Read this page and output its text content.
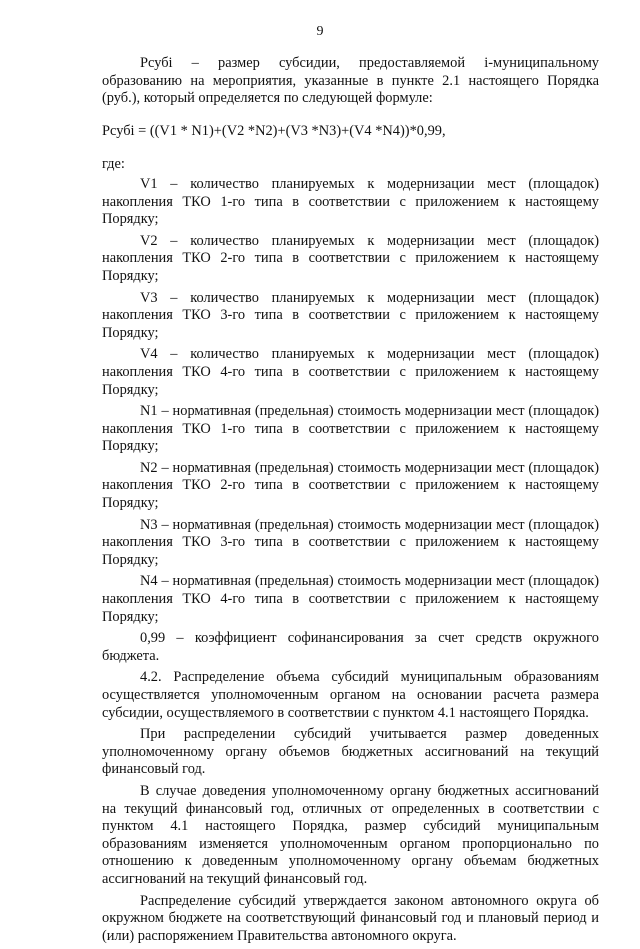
9

Рсубі – размер субсидии, предоставляемой і-муниципальному образованию на мероприятия, указанные в пункте 2.1 настоящего Порядка (руб.), который определяется по следующей формуле:

Рсубі = ((V1 * N1)+(V2 *N2)+(V3 *N3)+(V4 *N4))*0,99,

где:

V1 – количество планируемых к модернизации мест (площадок) накопления ТКО 1-го типа в соответствии с приложением к настоящему Порядку;

V2 – количество планируемых к модернизации мест (площадок) накопления ТКО 2-го типа в соответствии с приложением к настоящему Порядку;

V3 – количество планируемых к модернизации мест (площадок) накопления ТКО 3-го типа в соответствии с приложением к настоящему Порядку;

V4 – количество планируемых к модернизации мест (площадок) накопления ТКО 4-го типа в соответствии с приложением к настоящему Порядку;

N1 – нормативная (предельная) стоимость модернизации мест (площадок) накопления ТКО 1-го типа в соответствии с приложением к настоящему Порядку;

N2 – нормативная (предельная) стоимость модернизации мест (площадок) накопления ТКО 2-го типа в соответствии с приложением к настоящему Порядку;

N3 – нормативная (предельная) стоимость модернизации мест (площадок) накопления ТКО 3-го типа в соответствии с приложением к настоящему Порядку;

N4 – нормативная (предельная) стоимость модернизации мест (площадок) накопления ТКО 4-го типа в соответствии с приложением к настоящему Порядку;

0,99 – коэффициент софинансирования за счет средств окружного бюджета.

4.2. Распределение объема субсидий муниципальным образованиям осуществляется уполномоченным органом на основании расчета размера субсидии, осуществляемого в соответствии с пунктом 4.1 настоящего Порядка.

При распределении субсидий учитывается размер доведенных уполномоченному органу объемов бюджетных ассигнований на текущий финансовый год.

В случае доведения уполномоченному органу бюджетных ассигнований на текущий финансовый год, отличных от определенных в соответствии с пунктом 4.1 настоящего Порядка, размер субсидий муниципальным образованиям изменяется уполномоченным органом пропорционально по отношению к доведенным уполномоченному органу объемам бюджетных ассигнований на текущий финансовый год.

Распределение субсидий утверждается законом автономного округа об окружном бюджете на соответствующий финансовый год и плановый период и (или) распоряжением Правительства автономного округа.
